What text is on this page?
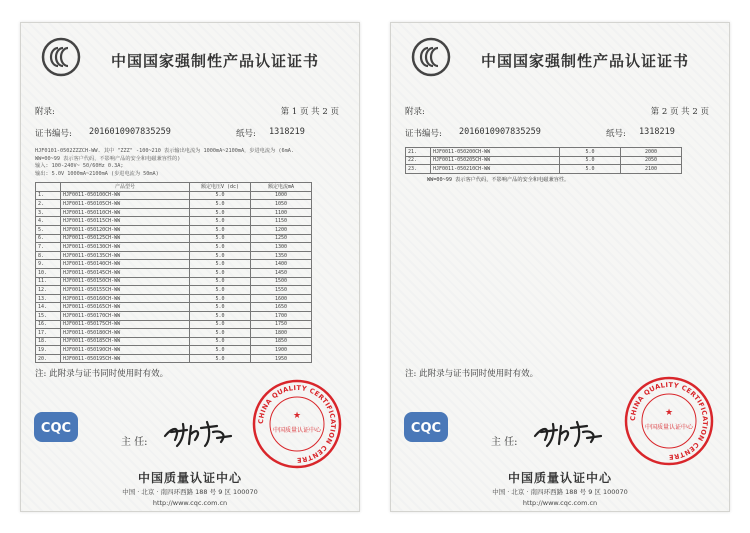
中国国家强制性产品认证证书
附录:	第 1 页 共 2 页
证书编号: 2016010907835259	纸号: 1318219
HJF0101-0502ZZZCH-WW. 其中 "ZZZ" -100~210 表示输出电流为 1000mA~2100mA，步进电流为 (6mA.
WW=00~99 表示客户代码，不影响产品的安全和电磁兼容性的)
输入: 100-240V~ 50/60Hz 0.3A;
输出: 5.0V 1000mA~2100mA (步进电流为 50mA)
	产品型号	额定电压V (dc)	额定电流mA
1.	HJF0011-050100CH-WW	5.0	1000
2.	HJF0011-050105CH-WW	5.0	1050
3.	HJF0011-050110CH-WW	5.0	1100
4.	HJF0011-050115CH-WW	5.0	1150
5.	HJF0011-050120CH-WW	5.0	1200
6.	HJF0011-050125CH-WW	5.0	1250
7.	HJF0011-050130CH-WW	5.0	1300
8.	HJF0011-050135CH-WW	5.0	1350
9.	HJF0011-050140CH-WW	5.0	1400
10.	HJF0011-050145CH-WW	5.0	1450
11.	HJF0011-050150CH-WW	5.0	1500
12.	HJF0011-050155CH-WW	5.0	1550
13.	HJF0011-050160CH-WW	5.0	1600
14.	HJF0011-050165CH-WW	5.0	1650
15.	HJF0011-050170CH-WW	5.0	1700
16.	HJF0011-050175CH-WW	5.0	1750
17.	HJF0011-050180CH-WW	5.0	1800
18.	HJF0011-050185CH-WW	5.0	1850
19.	HJF0011-050190CH-WW	5.0	1900
20.	HJF0011-050195CH-WW	5.0	1950
注: 此附录与证书同时使用时有效。
CQC
主 任:
CHINA QUALITY CERTIFICATION CENTRE
★
中国质量认证中心
中国质量认证中心
中国 · 北京 · 南四环西路 188 号 9 区 100070
http://www.cqc.com.cn
中国国家强制性产品认证证书
附录:	第 2 页 共 2 页
证书编号: 2016010907835259	纸号: 1318219
21.	HJF0011-050200CH-WW	5.0	2000
22.	HJF0011-050205CH-WW	5.0	2050
23.	HJF0011-050210CH-WW	5.0	2100
WW=00~99 表示客户代码，不影响产品的安全和电磁兼容性。
注: 此附录与证书同时使用时有效。
CQC
主 任:
CHINA QUALITY CERTIFICATION CENTRE
★
中国质量认证中心
中国质量认证中心
中国 · 北京 · 南四环西路 188 号 9 区 100070
http://www.cqc.com.cn
